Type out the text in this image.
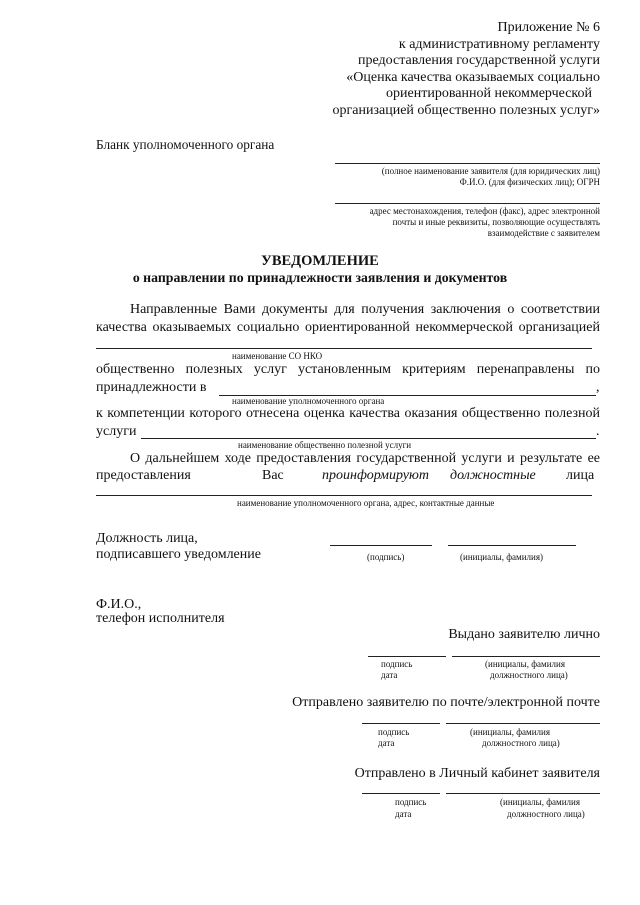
Приложение № 6
к административному регламенту
предоставления государственной услуги
«Оценка качества оказываемых социально
ориентированной некоммерческой
организацией общественно полезных услуг»
Бланк уполномоченного органа
(полное наименование заявителя (для юридических лиц)
Ф.И.О. (для физических лиц); ОГРН
адрес местонахождения, телефон (факс), адрес электронной
почты и иные реквизиты, позволяющие осуществлять
взаимодействие с заявителем
УВЕДОМЛЕНИЕ
о направлении по принадлежности заявления и документов
Направленные Вами документы для получения заключения о соответствии
качества оказываемых социально ориентированной некоммерческой организацией
наименование СО НКО
общественно полезных услуг установленным критериям перенаправлены по
принадлежности в	,
наименование уполномоченного органа
к компетенции которого отнесена оценка качества оказания общественно полезной
услуги	.
наименование общественно полезной услуги
О дальнейшем ходе предоставления государственной услуги и результате ее
предоставления	Вас	проинформируют должностные лица
наименование уполномоченного органа, адрес, контактные данные
Должность лица,
подписавшего уведомление	(подпись)	(инициалы, фамилия)
Ф.И.О.,
телефон исполнителя
Выдано заявителю лично
подпись	(инициалы, фамилия
дата	должностного лица)
Отправлено заявителю по почте/электронной почте
подпись	(инициалы, фамилия
дата	должностного лица)
Отправлено в Личный кабинет заявителя
подпись	(инициалы, фамилия
дата	должностного лица)
